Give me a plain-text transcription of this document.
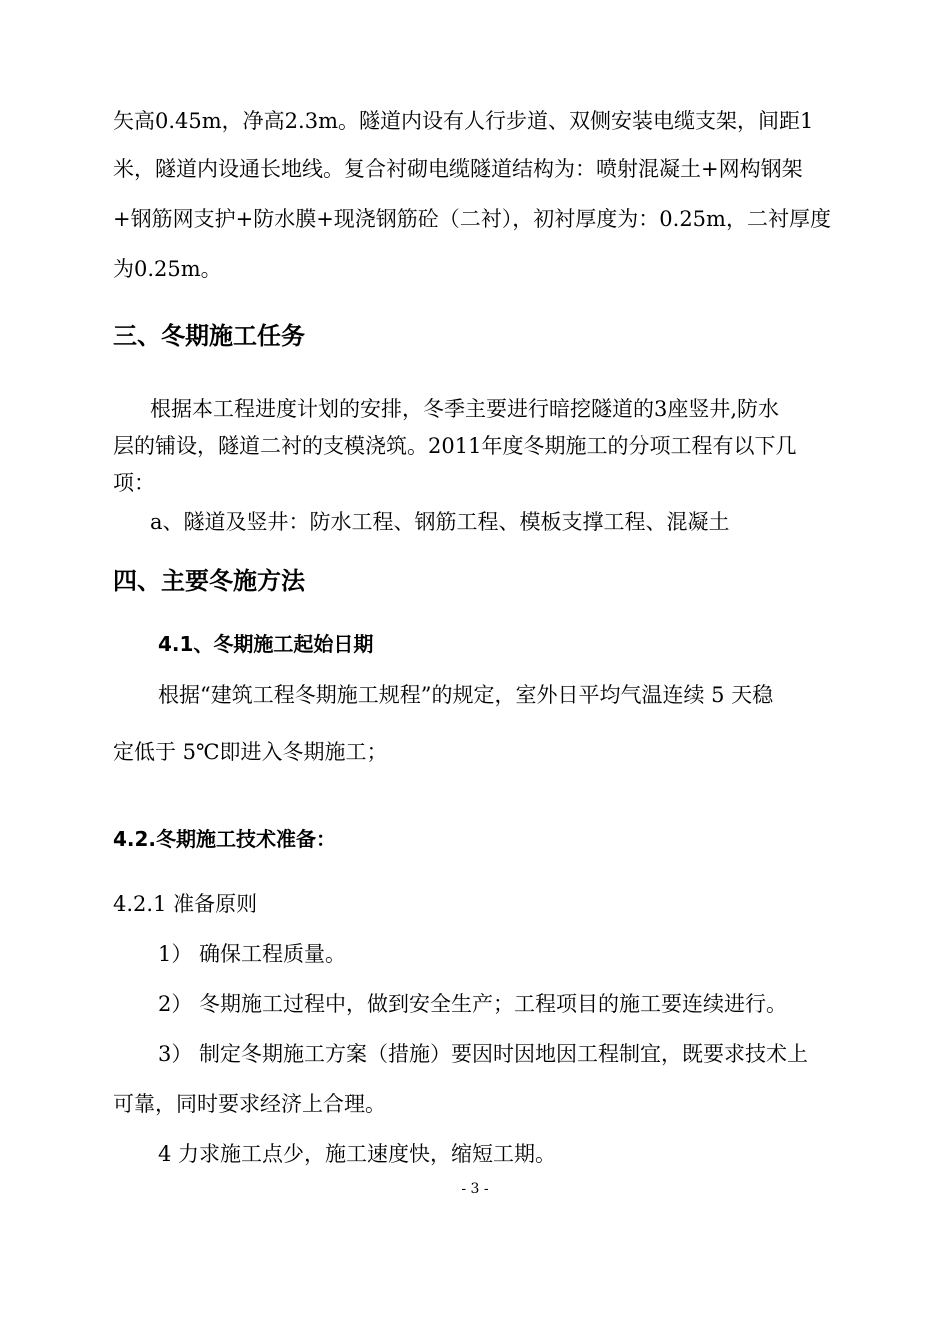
矢高0.45m，净高2.3m。隧道内设有人行步道、双侧安装电缆支架，间距1
米，隧道内设通长地线。复合衬砌电缆隧道结构为：喷射混凝土+网构钢架
+钢筋网支护+防水膜+现浇钢筋砼（二衬），初衬厚度为：0.25m，二衬厚度
为0.25m。
三、冬期施工任务
根据本工程进度计划的安排，冬季主要进行暗挖隧道的3座竖井,防水
层的铺设，隧道二衬的支模浇筑。2011年度冬期施工的分项工程有以下几
项：
a、隧道及竖井：防水工程、钢筋工程、模板支撑工程、混凝土
四、主要冬施方法
4.1、冬期施工起始日期
根据“建筑工程冬期施工规程”的规定，室外日平均气温连续 5 天稳
定低于 5℃即进入冬期施工；
4.2.冬期施工技术准备：
4.2.1 准备原则
1） 确保工程质量。
2） 冬期施工过程中，做到安全生产；工程项目的施工要连续进行。
3） 制定冬期施工方案（措施）要因时因地因工程制宜，既要求技术上
可靠，同时要求经济上合理。
4 力求施工点少，施工速度快，缩短工期。
- 3 -
